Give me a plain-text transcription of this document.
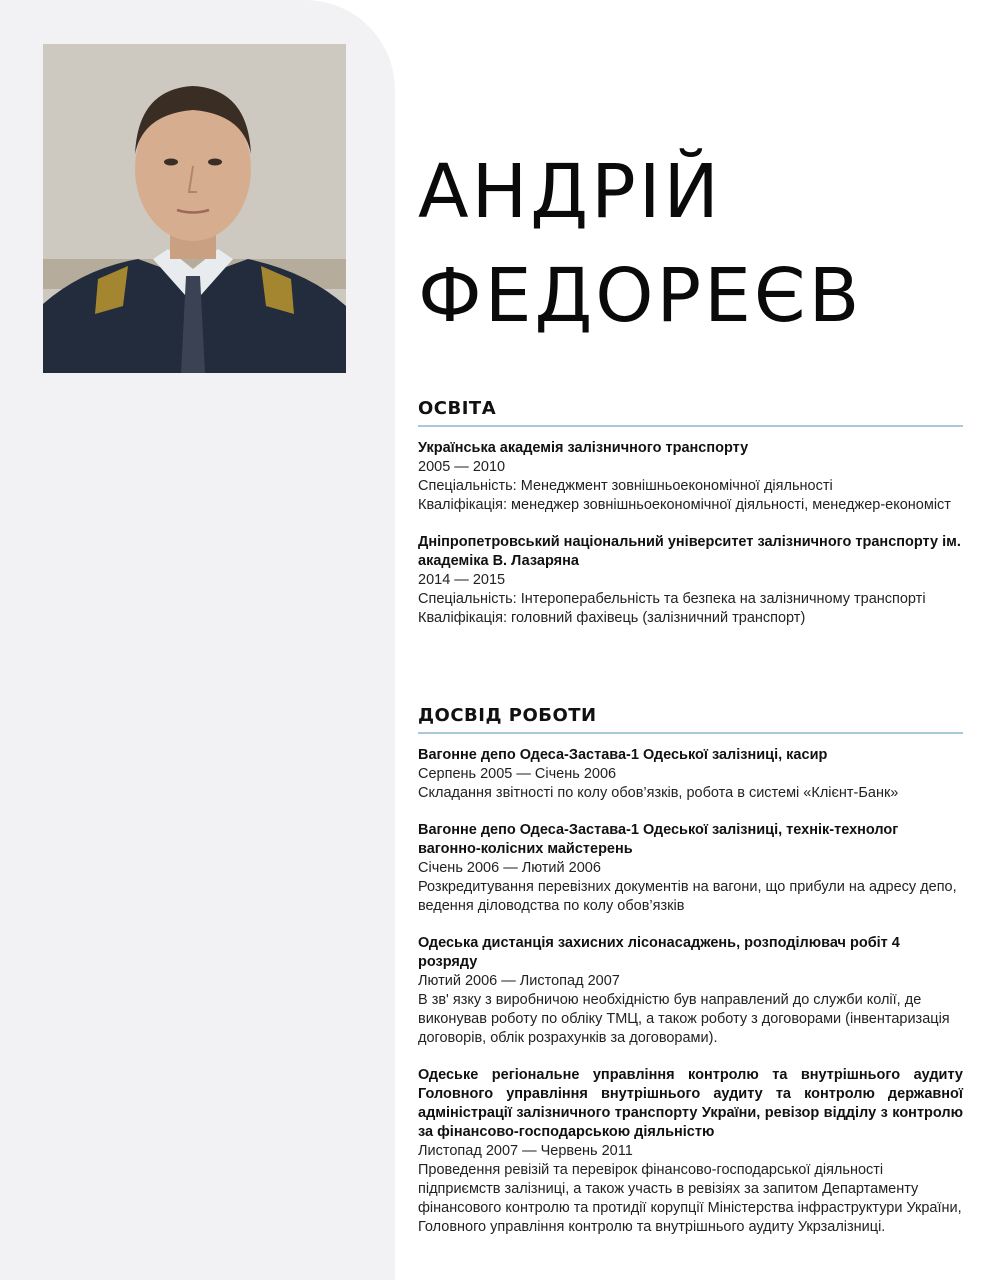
АНДРІЙ
ФЕДОРЕЄВ
ОСВІТА
Українська академія залізничного транспорту
2005 — 2010
Спеціальність: Менеджмент зовнішньоекономічної діяльності
Кваліфікація: менеджер зовнішньоекономічної діяльності, менеджер-економіст
Дніпропетровський національний університет залізничного транспорту ім. академіка В. Лазаряна
2014 — 2015
Спеціальність: Інтероперабельність та безпека на залізничному транспорті
Кваліфікація: головний фахівець (залізничний транспорт)
ДОСВІД РОБОТИ
Вагонне депо Одеса-Застава-1 Одеської залізниці, касир
Серпень 2005 — Січень 2006
Складання звітності по колу обов’язків, робота в системі «Клієнт-Банк»
Вагонне депо Одеса-Застава-1 Одеської залізниці, технік-технолог вагонно-колісних майстерень
Січень 2006 — Лютий 2006
Розкредитування перевізних документів на вагони, що прибули на адресу депо, ведення діловодства по колу обов’язків
Одеська дистанція захисних лісонасаджень, розподілювач робіт 4 розряду
Лютий 2006 — Листопад 2007
В зв' язку з виробничою необхідністю був направлений до служби колії, де виконував роботу по обліку ТМЦ, а також роботу з договорами (інвентаризація договорів, облік розрахунків за договорами).
Одеське регіональне управління контролю та внутрішнього аудиту Головного управління внутрішнього аудиту та контролю державної адміністрації залізничного транспорту України, ревізор відділу з контролю за фінансово-господарською діяльністю
Листопад 2007 — Червень 2011
Проведення ревізій та перевірок фінансово-господарської діяльності підприємств залізниці, а також участь в ревізіях за запитом Департаменту фінансового контролю та протидії корупції Міністерства інфраструктури України, Головного управління контролю та внутрішнього аудиту Укрзалізниці.
